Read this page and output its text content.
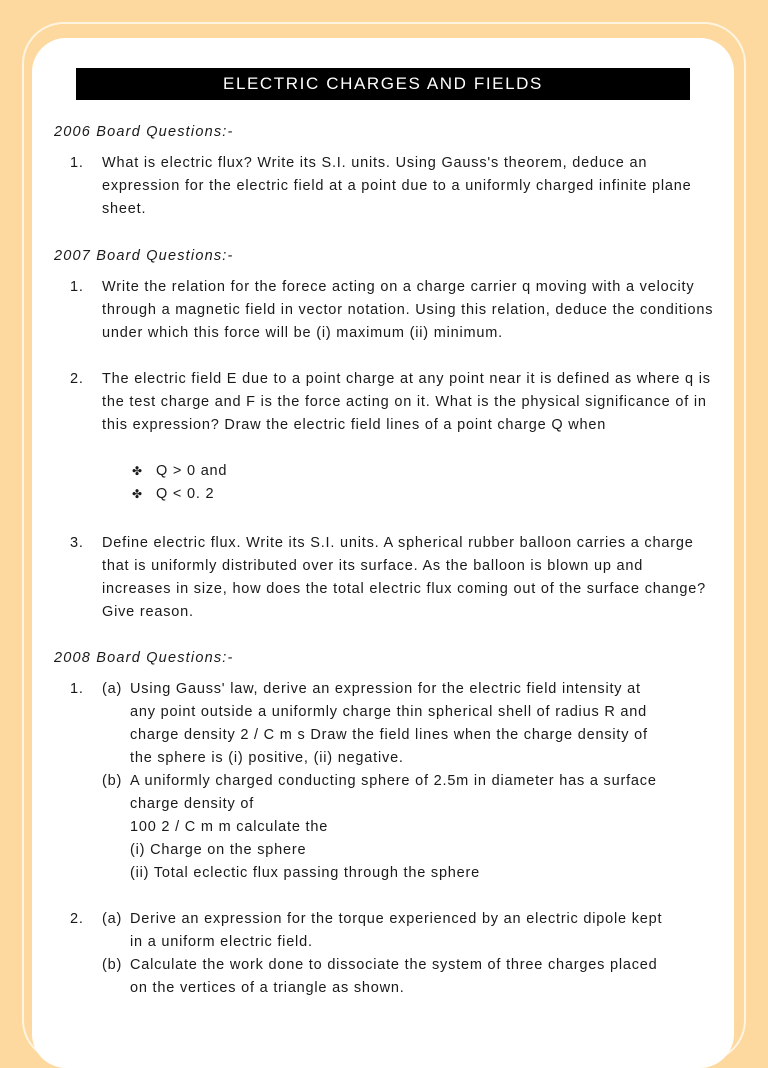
ELECTRIC CHARGES AND FIELDS
2006 Board Questions:-
1. What is electric flux? Write its S.I. units. Using Gauss's theorem, deduce an expression for the electric field at a point due to a uniformly charged infinite plane sheet.
2007 Board Questions:-
1. Write the relation for the forece acting on a charge carrier q moving with a velocity through a magnetic field in vector notation. Using this relation, deduce the conditions under which this force will be (i) maximum (ii) minimum.
2. The electric field E due to a point charge at any point near it is defined as where q is the test charge and F is the force acting on it. What is the physical significance of in this expression? Draw the electric field lines of a point charge Q when
✤ Q > 0 and
✤ Q < 0. 2
3. Define electric flux. Write its S.I. units. A spherical rubber balloon carries a charge that is uniformly distributed over its surface. As the balloon is blown up and increases in size, how does the total electric flux coming out of the surface change? Give reason.
2008 Board Questions:-
1. (a) Using Gauss' law, derive an expression for the electric field intensity at
any point outside a uniformly charge thin spherical shell of radius R and
charge density 2 / C m s Draw the field lines when the charge density of
the sphere is (i) positive, (ii) negative.
(b) A uniformly charged conducting sphere of 2.5m in diameter has a surface
charge density of
100 2 / C m m calculate the
(i) Charge on the sphere
(ii) Total eclectic flux passing through the sphere
2. (a) Derive an expression for the torque experienced by an electric dipole kept
in a uniform electric field.
(b) Calculate the work done to dissociate the system of three charges placed
on the vertices of a triangle as shown.
